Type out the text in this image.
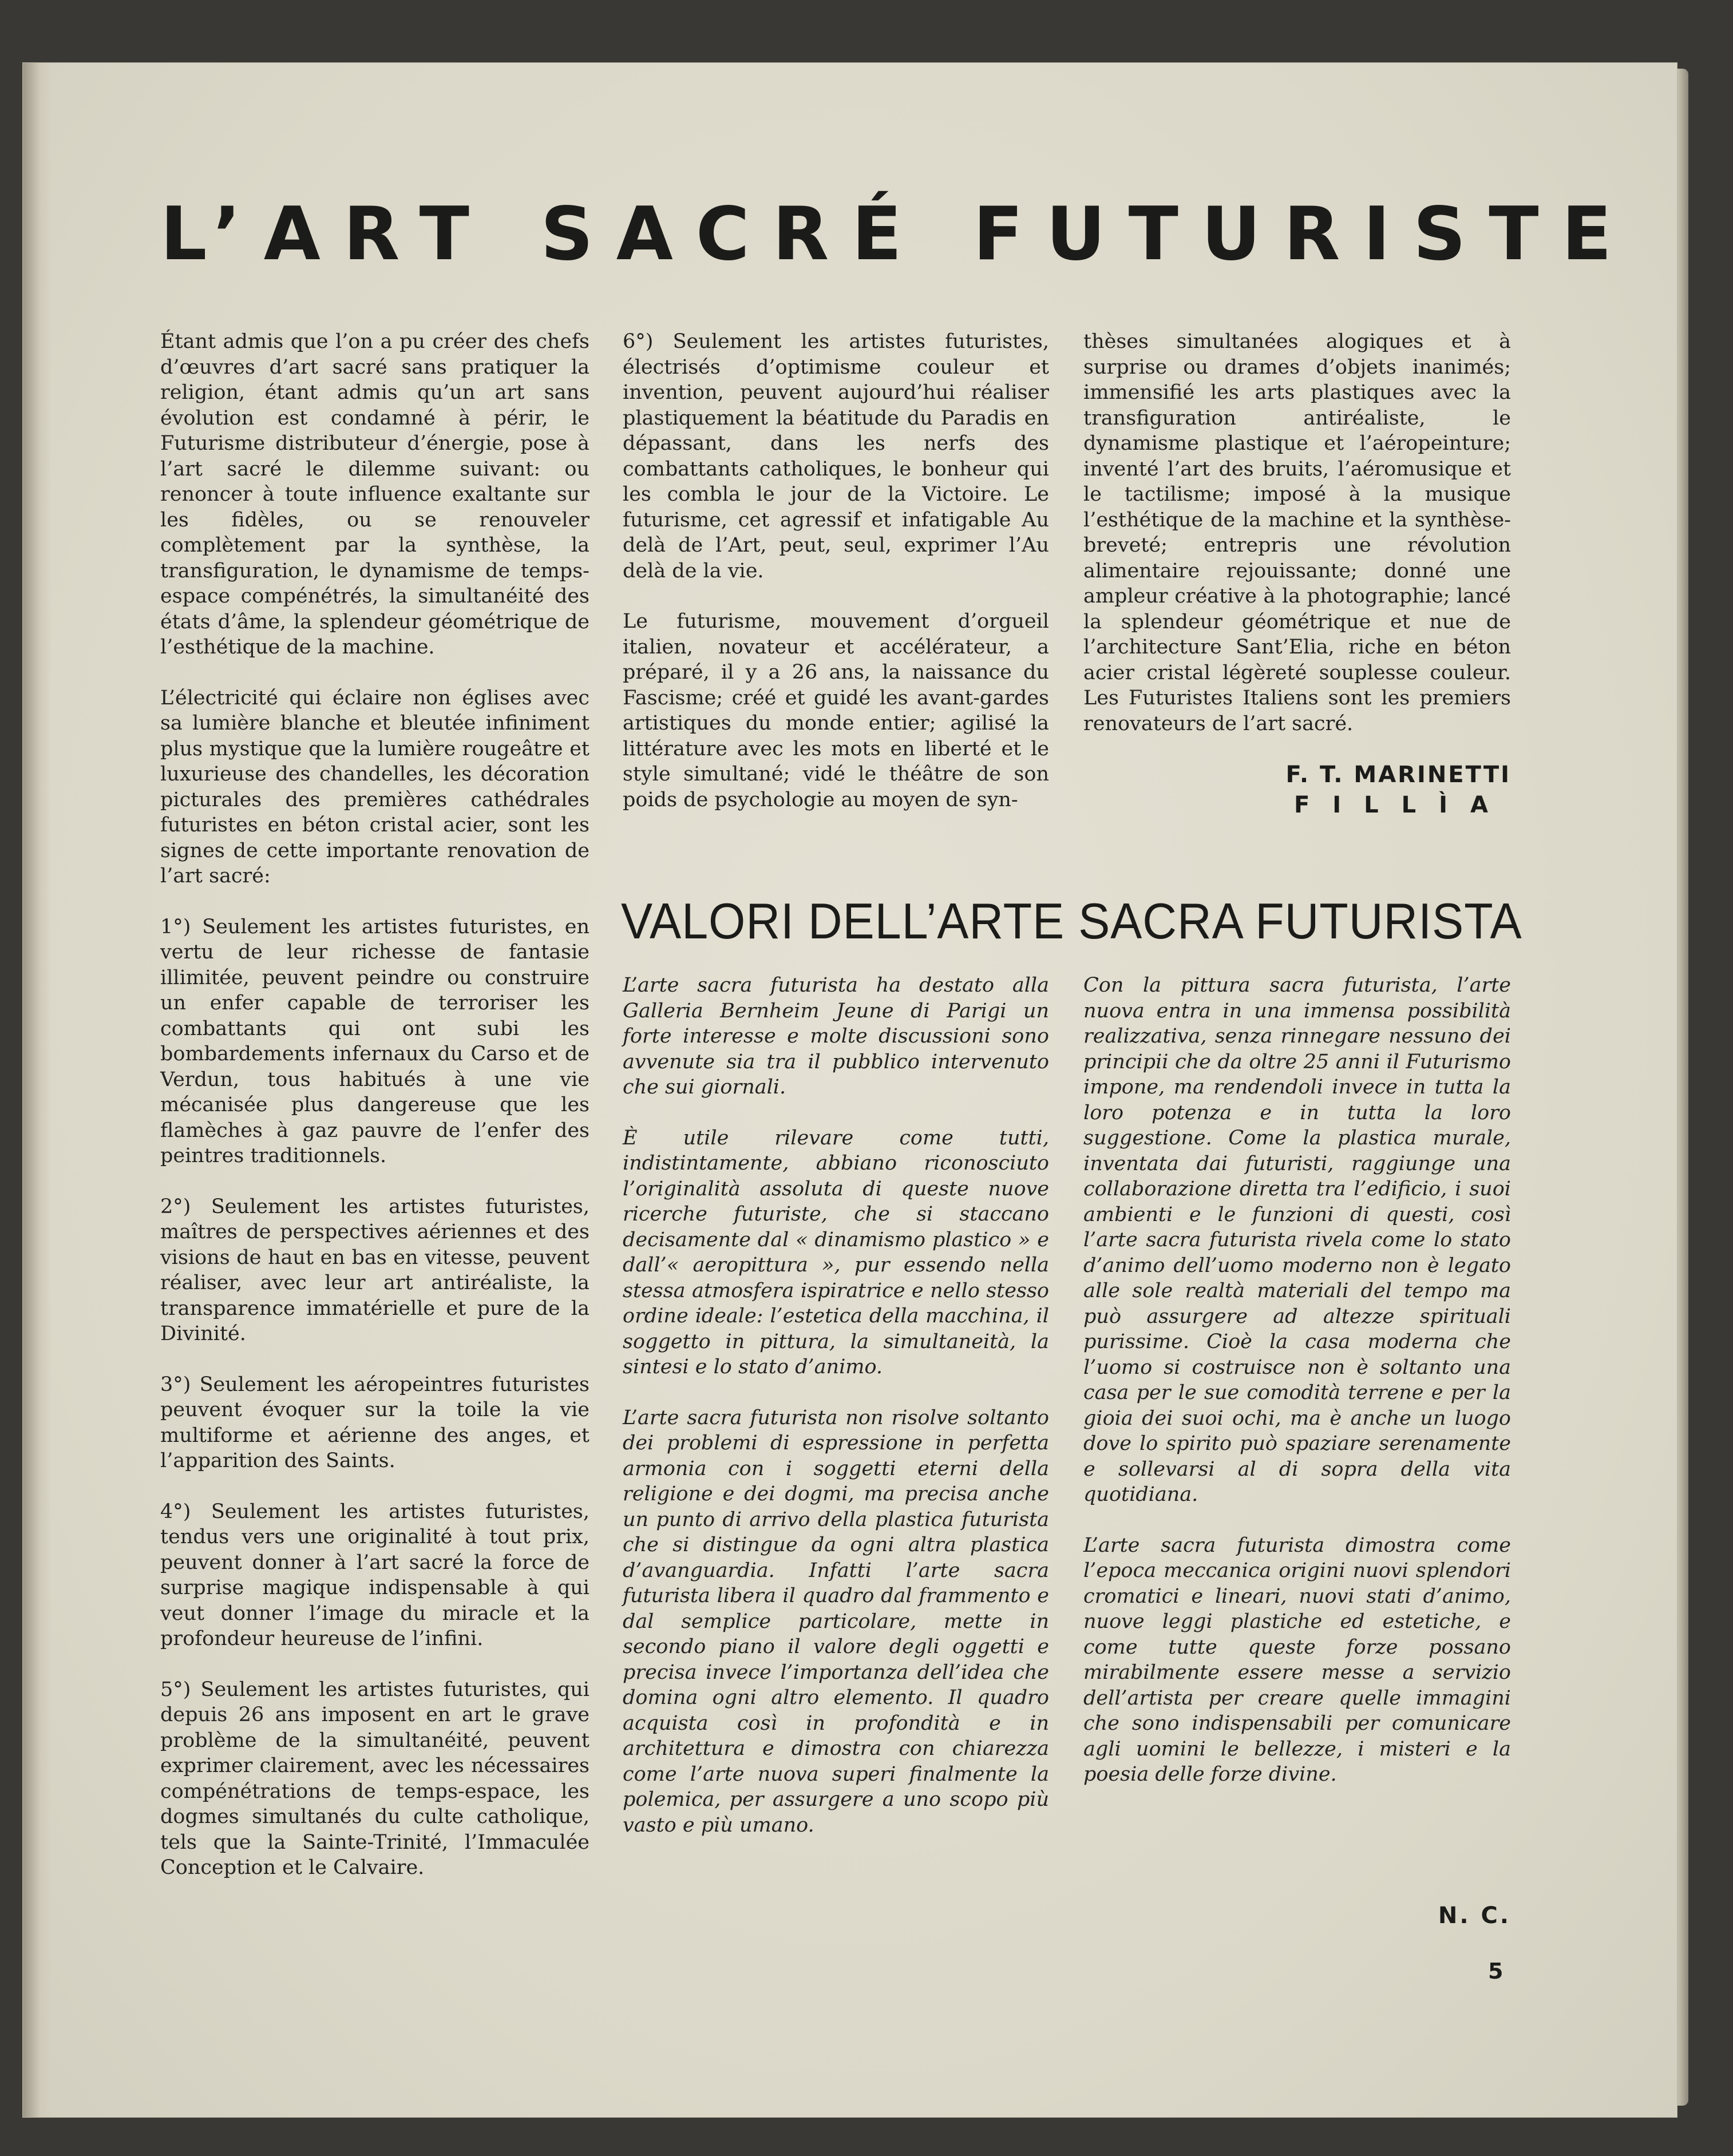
L’ART SACRÉ FUTURISTE

Étant admis que l’on a pu créer des chefs d’œuvres d’art sacré sans pratiquer la religion, étant admis qu’un art sans évolution est condamné à périr, le Futurisme distributeur d’énergie, pose à l’art sacré le dilemme suivant: ou renoncer à toute influence exaltante sur les fidèles, ou se renouveler complètement par la synthèse, la transfiguration, le dynamisme de temps-espace compénétrés, la simultanéité des états d’âme, la splendeur géométrique de l’esthétique de la machine.

L’électricité qui éclaire non églises avec sa lumière blanche et bleutée infiniment plus mystique que la lumière rougeâtre et luxurieuse des chandelles, les décoration picturales des premières cathédrales futuristes en béton cristal acier, sont les signes de cette importante renovation de l’art sacré:

1°) Seulement les artistes futuristes, en vertu de leur richesse de fantasie illimitée, peuvent peindre ou construire un enfer capable de terroriser les combattants qui ont subi les bombardements infernaux du Carso et de Verdun, tous habitués à une vie mécanisée plus dangereuse que les flamèches à gaz pauvre de l’enfer des peintres traditionnels.

2°) Seulement les artistes futuristes, maîtres de perspectives aériennes et des visions de haut en bas en vitesse, peuvent réaliser, avec leur art antiréaliste, la transparence immatérielle et pure de la Divinité.

3°) Seulement les aéropeintres futuristes peuvent évoquer sur la toile la vie multiforme et aérienne des anges, et l’apparition des Saints.

4°) Seulement les artistes futuristes, tendus vers une originalité à tout prix, peuvent donner à l’art sacré la force de surprise magique indispensable à qui veut donner l’image du miracle et la profondeur heureuse de l’infini.

5°) Seulement les artistes futuristes, qui depuis 26 ans imposent en art le grave problème de la simultanéité, peuvent exprimer clairement, avec les nécessaires compénétrations de temps-espace, les dogmes simultanés du culte catholique, tels que la Sainte-Trinité, l’Immaculée Conception et le Calvaire.

6°) Seulement les artistes futuristes, électrisés d’optimisme couleur et invention, peuvent aujourd’hui réaliser plastiquement la béatitude du Paradis en dépassant, dans les nerfs des combattants catholiques, le bonheur qui les combla le jour de la Victoire. Le futurisme, cet agressif et infatigable Au delà de l’Art, peut, seul, exprimer l’Au delà de la vie.

Le futurisme, mouvement d’orgueil italien, novateur et accélérateur, a préparé, il y a 26 ans, la naissance du Fascisme; créé et guidé les avant-gardes artistiques du monde entier; agilisé la littérature avec les mots en liberté et le style simultané; vidé le théâtre de son poids de psychologie au moyen de syn-

thèses simultanées alogiques et à surprise ou drames d’objets inanimés; immensifié les arts plastiques avec la transfiguration antiréaliste, le dynamisme plastique et l’aéropeinture; inventé l’art des bruits, l’aéromusique et le tactilisme; imposé à la musique l’esthétique de la machine et la synthèse-breveté; entrepris une révolution alimentaire rejouissante; donné une ampleur créative à la photographie; lancé la splendeur géométrique et nue de l’architecture Sant’Elia, riche en béton acier cristal légèreté souplesse couleur. Les Futuristes Italiens sont les premiers renovateurs de l’art sacré.

F. T. MARINETTI
FILLÌA
VALORI DELL’ARTE SACRA FUTURISTA

L’arte sacra futurista ha destato alla Galleria Bernheim Jeune di Parigi un forte interesse e molte discussioni sono avvenute sia tra il pubblico intervenuto che sui giornali.

È utile rilevare come tutti, indistintamente, abbiano riconosciuto l’originalità assoluta di queste nuove ricerche futuriste, che si staccano decisamente dal « dinamismo plastico » e dall’« aeropittura », pur essendo nella stessa atmosfera ispiratrice e nello stesso ordine ideale: l’estetica della macchina, il soggetto in pittura, la simultaneità, la sintesi e lo stato d’animo.

L’arte sacra futurista non risolve soltanto dei problemi di espressione in perfetta armonia con i soggetti eterni della religione e dei dogmi, ma precisa anche un punto di arrivo della plastica futurista che si distingue da ogni altra plastica d’avanguardia. Infatti l’arte sacra futurista libera il quadro dal frammento e dal semplice particolare, mette in secondo piano il valore degli oggetti e precisa invece l’importanza dell’idea che domina ogni altro elemento. Il quadro acquista così in profondità e in architettura e dimostra con chiarezza come l’arte nuova superi finalmente la polemica, per assurgere a uno scopo più vasto e più umano.

Con la pittura sacra futurista, l’arte nuova entra in una immensa possibilità realizzativa, senza rinnegare nessuno dei principii che da oltre 25 anni il Futurismo impone, ma rendendoli invece in tutta la loro potenza e in tutta la loro suggestione. Come la plastica murale, inventata dai futuristi, raggiunge una collaborazione diretta tra l’edificio, i suoi ambienti e le funzioni di questi, così l’arte sacra futurista rivela come lo stato d’animo dell’uomo moderno non è legato alle sole realtà materiali del tempo ma può assurgere ad altezze spirituali purissime. Cioè la casa moderna che l’uomo si costruisce non è soltanto una casa per le sue comodità terrene e per la gioia dei suoi ochi, ma è anche un luogo dove lo spirito può spaziare serenamente e sollevarsi al di sopra della vita quotidiana.

L’arte sacra futurista dimostra come l’epoca meccanica origini nuovi splendori cromatici e lineari, nuovi stati d’animo, nuove leggi plastiche ed estetiche, e come tutte queste forze possano mirabilmente essere messe a servizio dell’artista per creare quelle immagini che sono indispensabili per comunicare agli uomini le bellezze, i misteri e la poesia delle forze divine.

N. C.
5
